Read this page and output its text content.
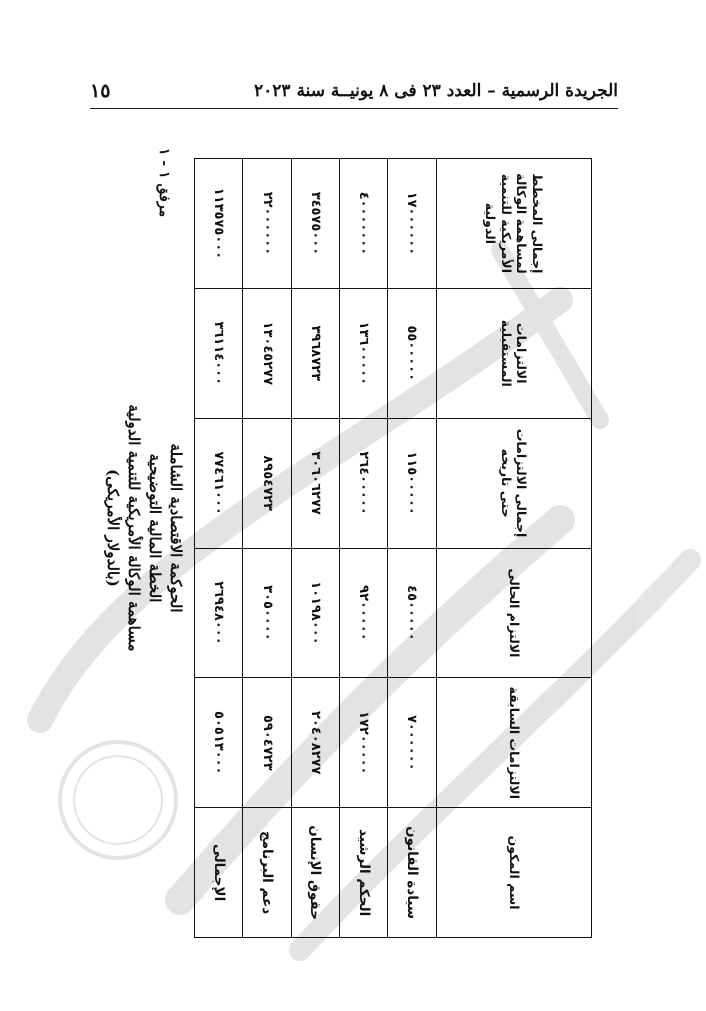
١٥	الجريدة الرسمية – العدد ٢٣ فى ٨ يونيــة سنة ٢٠٢٣
اسم المكون	الالتزامات السابقة	الالتزام الحالى	إجمالى الالتزامات حتى تاريخه	الالتزامات المستقبلية	إجمالى المخطط لمساهمة الوكالة الأمريكية للتنمية الدولية
سيادة القانون	٧٠٠٠٠٠٠	٤٥٠٠٠٠٠	١١٥٠٠٠٠٠	٥٥٠٠٠٠٠	١٧٠٠٠٠٠٠
الحكم الرشيد	١٧٢٠٠٠٠٠	٩٢٠٠٠٠٠	٢٦٤٠٠٠٠٠	١٣٦٠٠٠٠٠	٤٠٠٠٠٠٠٠
حقوق الإنسان	٢٠٤٠٨٢٧٧	١٠١٩٨٠٠٠	٣٠٦٠٦٢٧٧	٣٩٦٨٧٢٣	٣٤٥٧٥٠٠٠
دعم البرنامج	٥٩٠٤٧٢٣	٣٠٥٠٠٠٠	٨٩٥٤٧٢٣	١٣٠٤٥٢٧٧	٢٢٠٠٠٠٠٠
الإجمالى	٥٠٥١٣٠٠٠	٢٦٩٤٨٠٠٠	٧٧٤٦١٠٠٠	٣٦١١٤٠٠٠	١١٣٥٧٥٠٠٠
الحوكمة الاقتصادية الشاملة
الخطة المالية التوضيحية
مساهمة الوكالة الأمريكية للتنمية الدولية
(بالدولار الأمريكى)
مرفق ١ - ١
